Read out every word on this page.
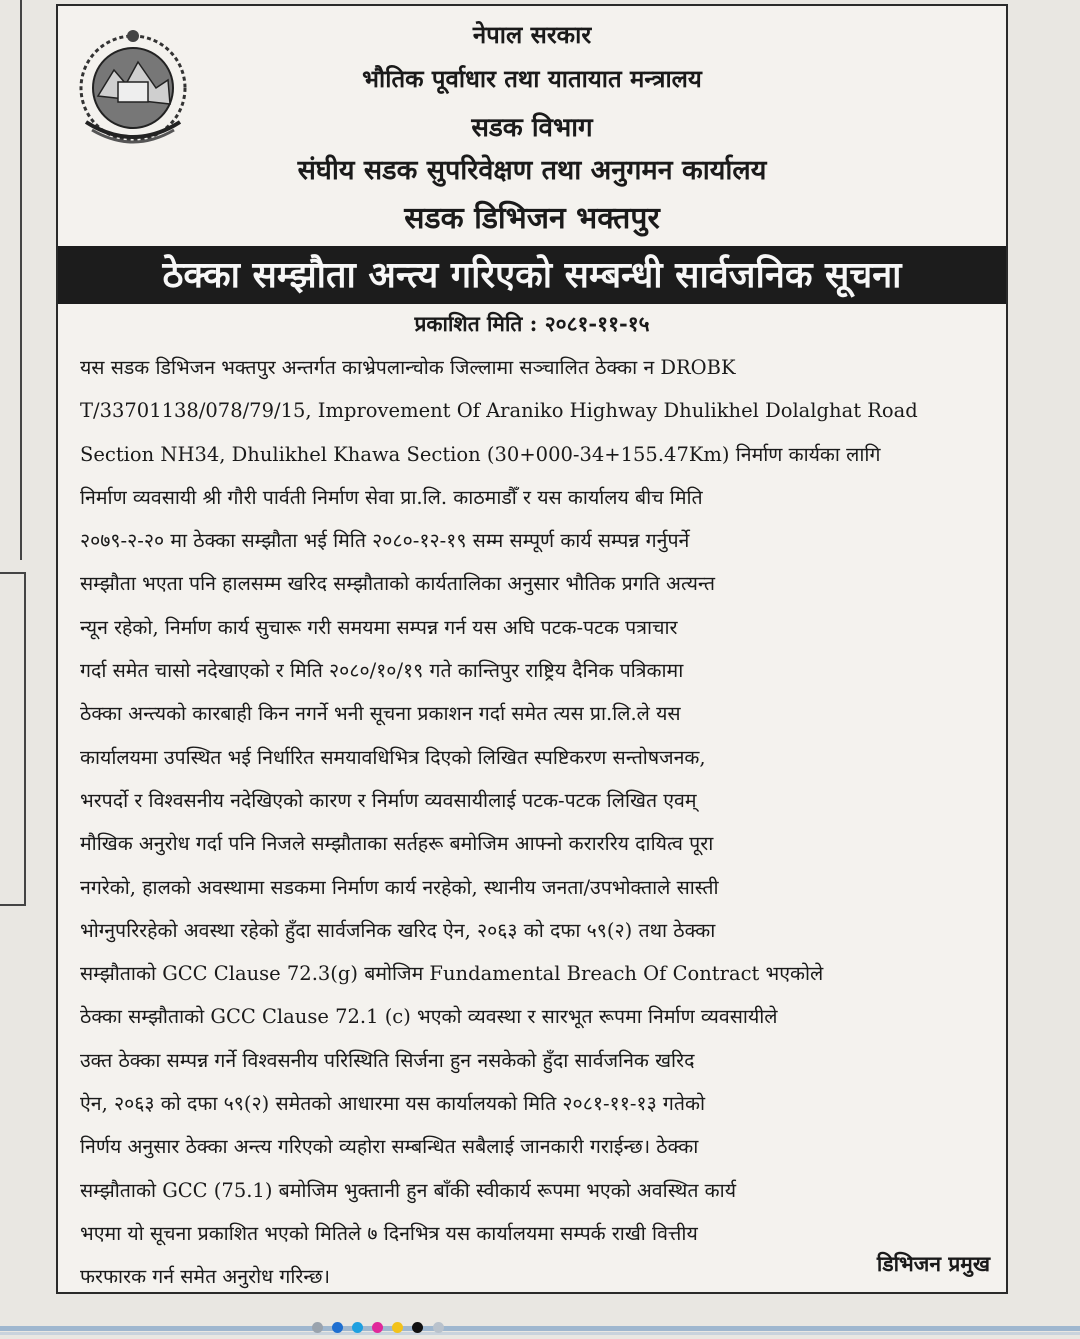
नेपाल सरकार
भौतिक पूर्वाधार तथा यातायात मन्त्रालय
सडक विभाग
संघीय सडक सुपरिवेक्षण तथा अनुगमन कार्यालय
सडक डिभिजन भक्तपुर
ठेक्का सम्झौता अन्त्य गरिएको सम्बन्धी सार्वजनिक सूचना
प्रकाशित मिति : २०८१-११-१५
यस सडक डिभिजन भक्तपुर अन्तर्गत काभ्रेपलान्चोक जिल्लामा सञ्चालित ठेक्का न DROBK
T/33701138/078/79/15, Improvement Of Araniko Highway Dhulikhel Dolalghat Road
Section NH34, Dhulikhel Khawa Section (30+000-34+155.47Km) निर्माण कार्यका लागि
निर्माण व्यवसायी श्री गौरी पार्वती निर्माण सेवा प्रा.लि. काठमाडौँ र यस कार्यालय बीच मिति
२०७९-२-२० मा ठेक्का सम्झौता भई मिति २०८०-१२-१९ सम्म सम्पूर्ण कार्य सम्पन्न गर्नुपर्ने
सम्झौता भएता पनि हालसम्म खरिद सम्झौताको कार्यतालिका अनुसार भौतिक प्रगति अत्यन्त
न्यून रहेको, निर्माण कार्य सुचारू गरी समयमा सम्पन्न गर्न यस अघि पटक-पटक पत्राचार
गर्दा समेत चासो नदेखाएको र मिति २०८०/१०/१९ गते कान्तिपुर राष्ट्रिय दैनिक पत्रिकामा
ठेक्का अन्त्यको कारबाही किन नगर्ने भनी सूचना प्रकाशन गर्दा समेत त्यस प्रा.लि.ले यस
कार्यालयमा उपस्थित भई निर्धारित समयावधिभित्र दिएको लिखित स्पष्टिकरण सन्तोषजनक,
भरपर्दो र विश्वसनीय नदेखिएको कारण र निर्माण व्यवसायीलाई पटक-पटक लिखित एवम्
मौखिक अनुरोध गर्दा पनि निजले सम्झौताका सर्तहरू बमोजिम आफ्नो कराररिय दायित्व पूरा
नगरेको, हालको अवस्थामा सडकमा निर्माण कार्य नरहेको, स्थानीय जनता/उपभोक्ताले सास्ती
भोग्नुपरिरहेको अवस्था रहेको हुँदा सार्वजनिक खरिद ऐन, २०६३ को दफा ५९(२) तथा ठेक्का
सम्झौताको GCC Clause 72.3(g) बमोजिम Fundamental Breach Of Contract भएकोले
ठेक्का सम्झौताको GCC Clause 72.1 (c) भएको व्यवस्था र सारभूत रूपमा निर्माण व्यवसायीले
उक्त ठेक्का सम्पन्न गर्ने विश्वसनीय परिस्थिति सिर्जना हुन नसकेको हुँदा सार्वजनिक खरिद
ऐन, २०६३ को दफा ५९(२) समेतको आधारमा यस कार्यालयको मिति २०८१-११-१३ गतेको
निर्णय अनुसार ठेक्का अन्त्य गरिएको व्यहोरा सम्बन्धित सबैलाई जानकारी गराईन्छ। ठेक्का
सम्झौताको GCC (75.1) बमोजिम भुक्तानी हुन बाँकी स्वीकार्य रूपमा भएको अवस्थित कार्य
भएमा यो सूचना प्रकाशित भएको मितिले ७ दिनभित्र यस कार्यालयमा सम्पर्क राखी वित्तीय
फरफारक गर्न समेत अनुरोध गरिन्छ।
डिभिजन प्रमुख
